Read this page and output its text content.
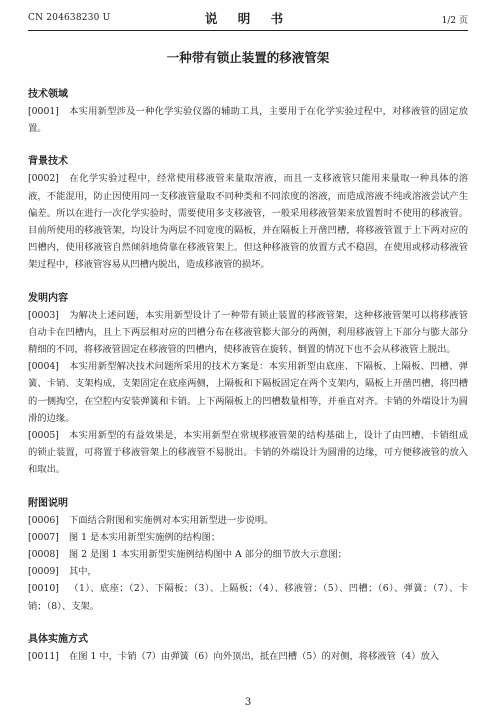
CN 204638230 U	说 明 书	1/2 页
一种带有锁止装置的移液管架
技术领域

[0001] 本实用新型涉及一种化学实验仪器的辅助工具，主要用于在化学实验过程中，对移液管的固定放置。

背景技术

[0002] 在化学实验过程中，经常使用移液管来量取溶液，而且一支移液管只能用来量取一种具体的溶液，不能混用，防止因使用同一支移液管量取不同种类和不同浓度的溶液，而造成溶液不纯或溶液尝试产生偏差。所以在进行一次化学实验时，需要使用多支移液管，一般采用移液管架来放置暂时不使用的移液管。目前所使用的移液管架，均设计为两层不同宽度的隔板，并在隔板上开凿凹槽，将移液管置于上下两对应的凹槽内，使用移液管自然倾斜地倚靠在移液管架上。但这种移液管的放置方式不稳固，在使用或移动移液管架过程中，移液管容易从凹槽内脱出，造成移液管的损坏。

发明内容

[0003] 为解决上述问题，本实用新型设计了一种带有锁止装置的移液管架，这种移液管架可以将移液管自动卡在凹槽内，且上下两层相对应的凹槽分布在移液管膨大部分的两侧，利用移液管上下部分与膨大部分精细的不同，将移液管固定在移液管的凹槽内，使移液管在旋转、倒置的情况下也不会从移液管上脱出。

[0004] 本实用新型解决技术问题所采用的技术方案是：本实用新型由底座、下隔板、上隔板、凹槽、弹簧、卡销、支架构成，支架固定在底座两侧，上隔板和下隔板固定在两个支架内，隔板上开凿凹槽，将凹槽的一侧掏空，在空腔内安装弹簧和卡销。上下两隔板上的凹槽数量相等，并垂直对齐。卡销的外端设计为圆滑的边缘。

[0005] 本实用新型的有益效果是，本实用新型在常规移液管架的结构基础上，设计了由凹槽、卡销组成的锁止装置，可将置于移液管架上的移液管不易脱出。卡销的外端设计为圆滑的边缘，可方便移液管的放入和取出。

附图说明

[0006] 下面结合附图和实施例对本实用新型进一步说明。

[0007] 图 1 是本实用新型实施例的结构图；

[0008] 图 2 是图 1 本实用新型实施例结构图中 A 部分的细节放大示意图；

[0009] 其中，

[0010] （1）、底座；（2）、下隔板；（3）、上隔板；（4）、移液管；（5）、凹槽；（6）、弹簧；（7）、卡销；（8）、支架。

具体实施方式

[0011] 在图 1 中，卡销（7）由弹簧（6）向外顶出，抵在凹槽（5）的对侧，将移液管（4）放入

3
